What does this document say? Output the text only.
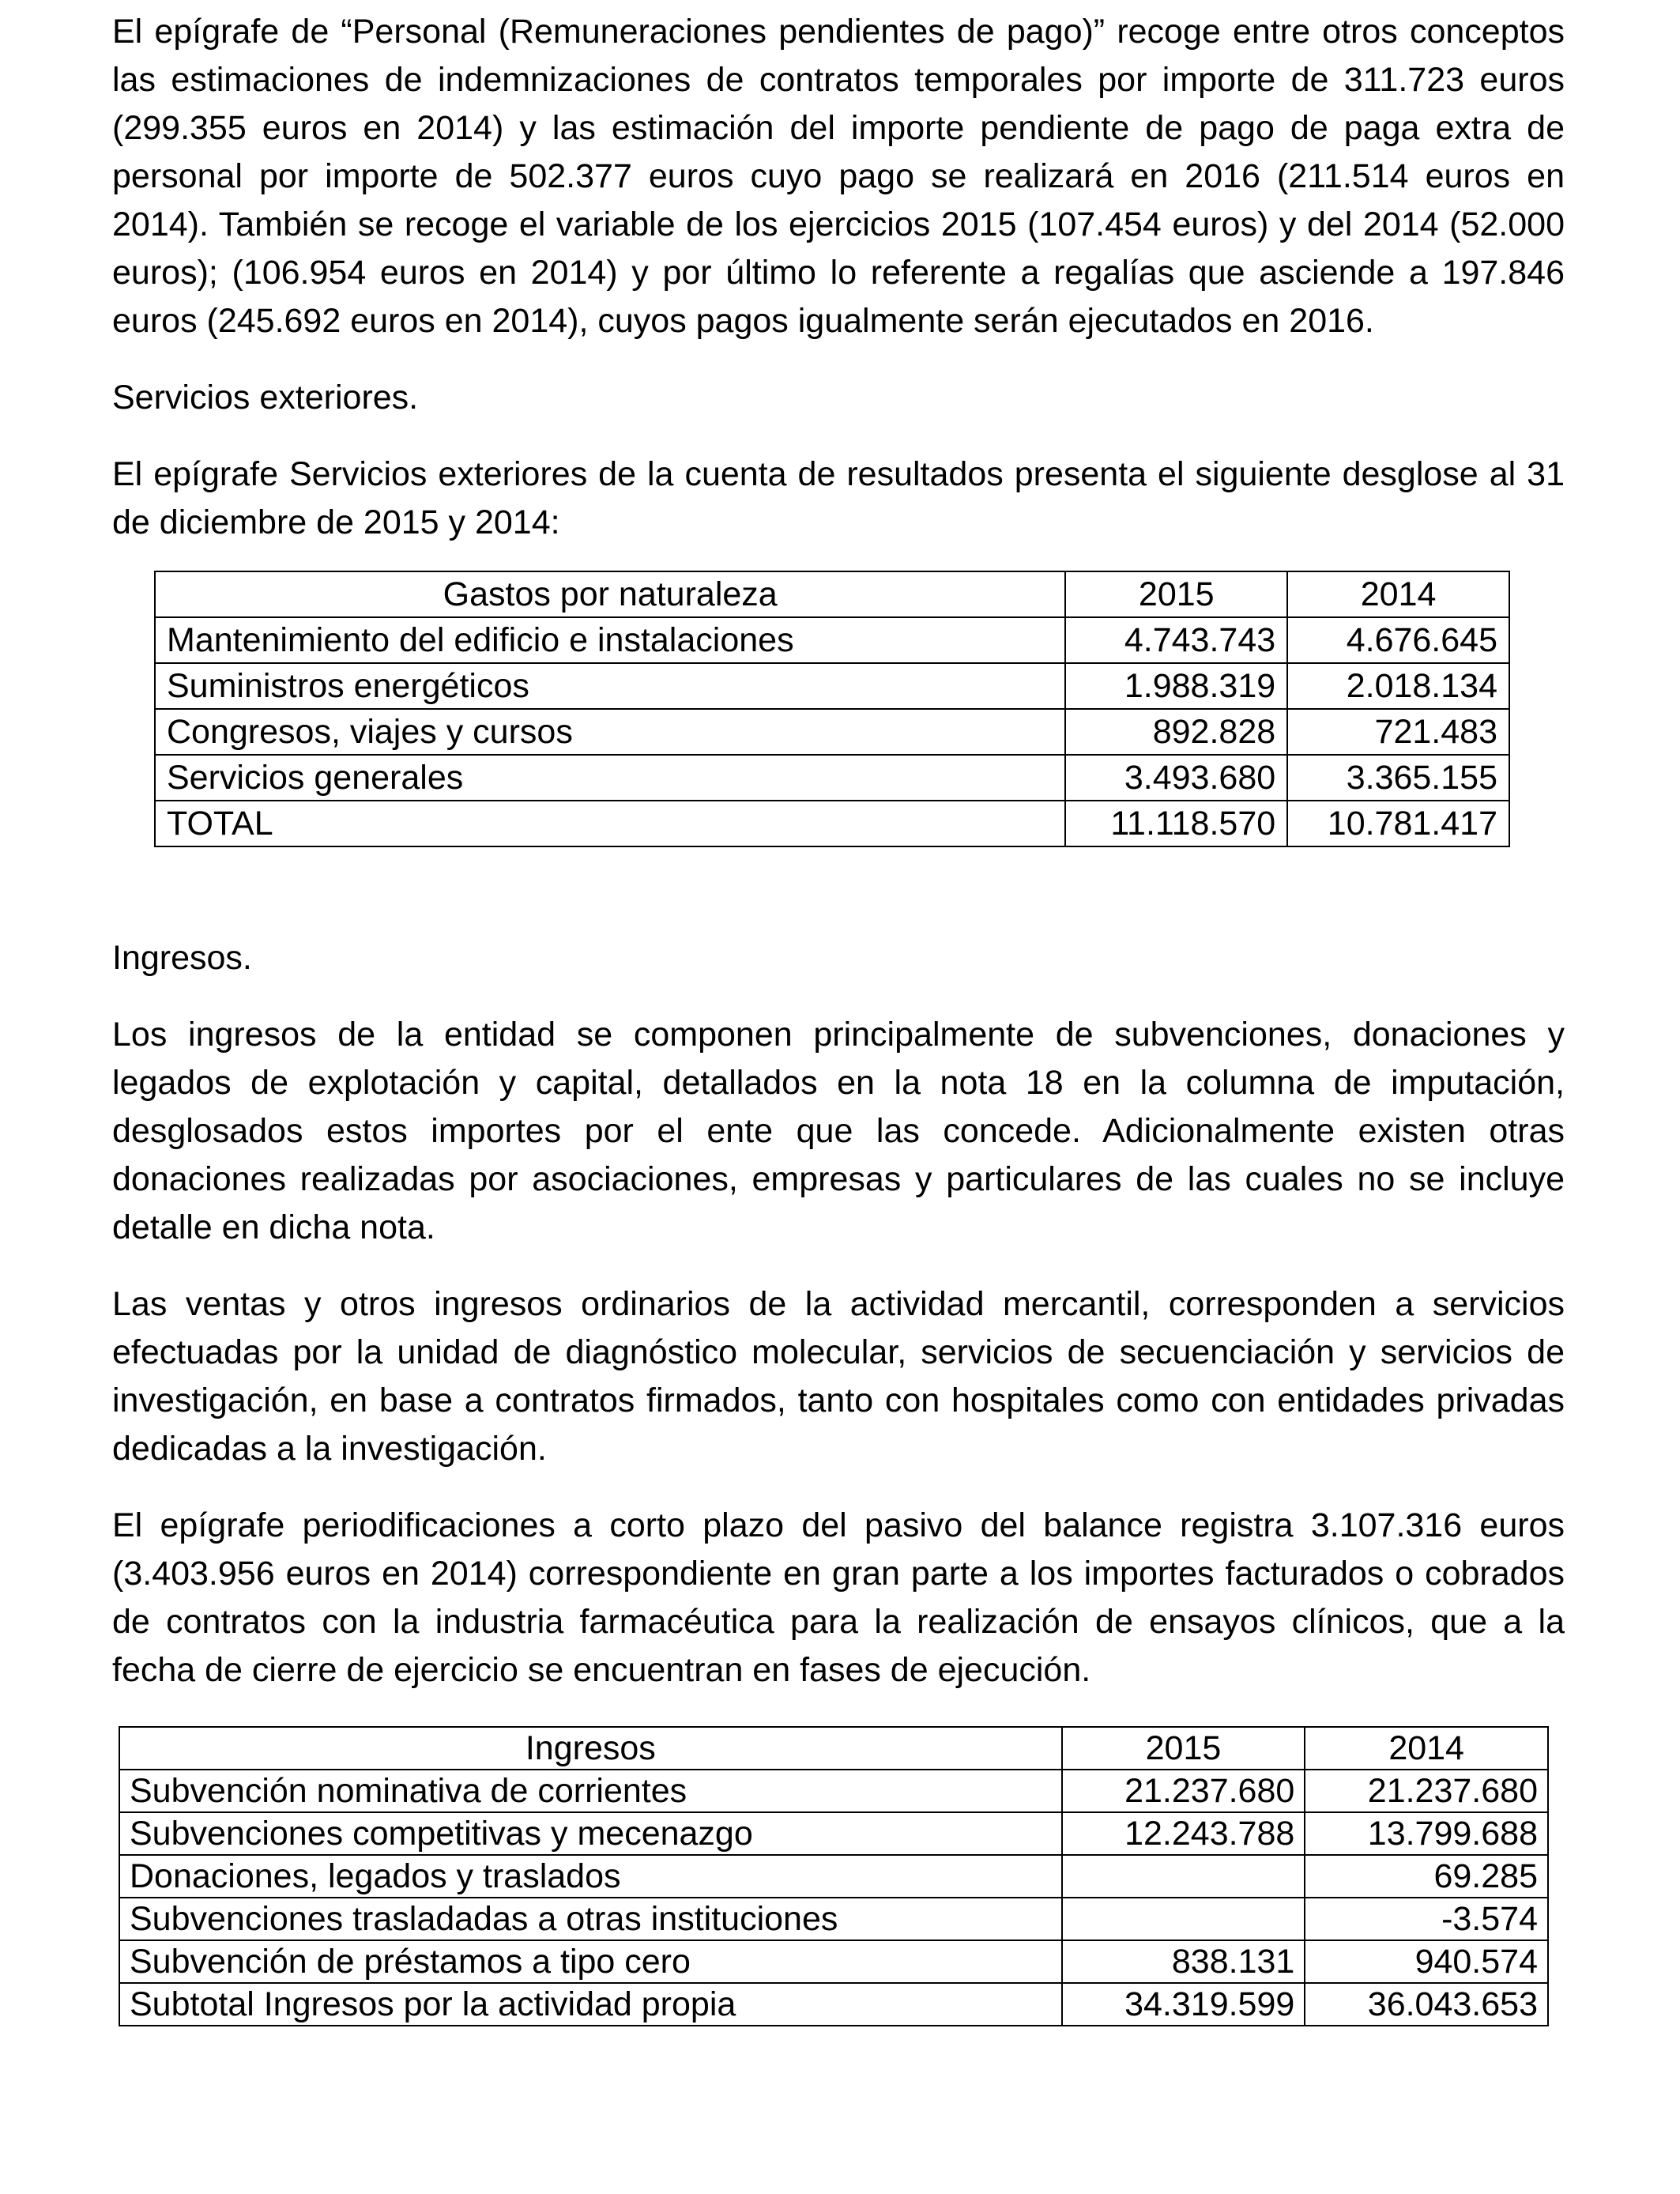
El epígrafe de “Personal (Remuneraciones pendientes de pago)” recoge entre otros conceptos las estimaciones de indemnizaciones de contratos temporales por importe de 311.723 euros (299.355 euros en 2014) y las estimación del importe pendiente de pago de paga extra de personal por importe de 502.377 euros cuyo pago se realizará en 2016 (211.514 euros en 2014). También se recoge el variable de los ejercicios 2015 (107.454 euros) y del 2014 (52.000 euros); (106.954 euros en 2014) y por último lo referente a regalías que asciende a 197.846 euros (245.692 euros en 2014), cuyos pagos igualmente serán ejecutados en 2016.

Servicios exteriores.

El epígrafe Servicios exteriores de la cuenta de resultados presenta el siguiente desglose al 31 de diciembre de 2015 y 2014:

Gastos por naturaleza	2015	2014
Mantenimiento del edificio e instalaciones	4.743.743	4.676.645
Suministros energéticos	1.988.319	2.018.134
Congresos, viajes y cursos	892.828	721.483
Servicios generales	3.493.680	3.365.155
TOTAL	11.118.570	10.781.417

Ingresos.

Los ingresos de la entidad se componen principalmente de subvenciones, donaciones y legados de explotación y capital, detallados en la nota 18 en la columna de imputación, desglosados estos importes por el ente que las concede. Adicionalmente existen otras donaciones realizadas por asociaciones, empresas y particulares de las cuales no se incluye detalle en dicha nota.

Las ventas y otros ingresos ordinarios de la actividad mercantil, corresponden a servicios efectuadas por la unidad de diagnóstico molecular, servicios de secuenciación y servicios de investigación, en base a contratos firmados, tanto con hospitales como con entidades privadas dedicadas a la investigación.

El epígrafe periodificaciones a corto plazo del pasivo del balance registra 3.107.316 euros (3.403.956 euros en 2014) correspondiente en gran parte a los importes facturados o cobrados de contratos con la industria farmacéutica para la realización de ensayos clínicos, que a la fecha de cierre de ejercicio se encuentran en fases de ejecución.

Ingresos	2015	2014
Subvención nominativa de corrientes	21.237.680	21.237.680
Subvenciones competitivas y mecenazgo	12.243.788	13.799.688
Donaciones, legados y traslados		69.285
Subvenciones trasladadas a otras instituciones		-3.574
Subvención de préstamos a tipo cero	838.131	940.574
Subtotal Ingresos por la actividad propia	34.319.599	36.043.653
